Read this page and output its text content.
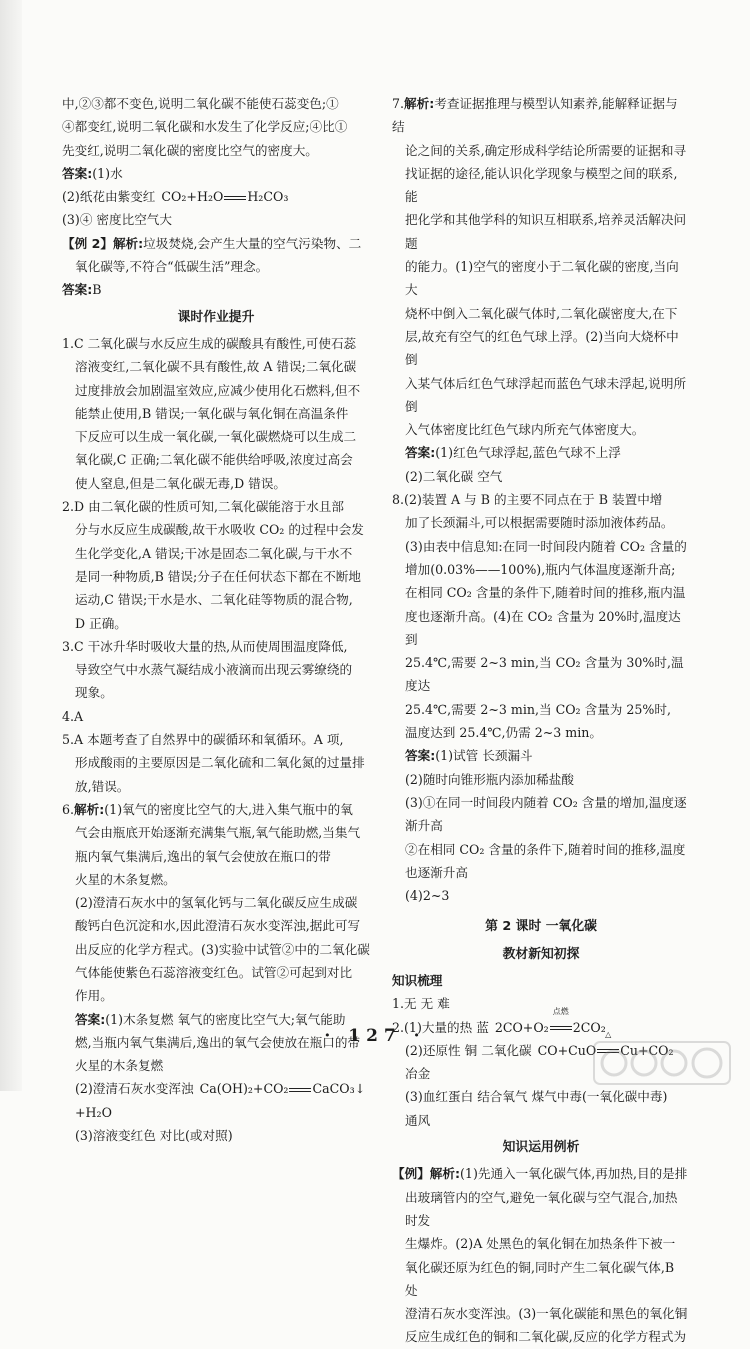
中,②③都不变色,说明二氧化碳不能使石蕊变色;①

④都变红,说明二氧化碳和水发生了化学反应;④比①

先变红,说明二氧化碳的密度比空气的密度大。

答案:(1)水

(2)纸花由紫变红 CO₂+H₂O H₂CO₃

(3)④ 密度比空气大

【例 2】解析:垃圾焚烧,会产生大量的空气污染物、二

氧化碳等,不符合“低碳生活”理念。

答案:B

课时作业提升

1.C 二氧化碳与水反应生成的碳酸具有酸性,可使石蕊

溶液变红,二氧化碳不具有酸性,故 A 错误;二氧化碳

过度排放会加剧温室效应,应减少使用化石燃料,但不

能禁止使用,B 错误;一氧化碳与氧化铜在高温条件

下反应可以生成一氧化碳,一氧化碳燃烧可以生成二

氧化碳,C 正确;二氧化碳不能供给呼吸,浓度过高会

使人窒息,但是二氧化碳无毒,D 错误。

2.D 由二氧化碳的性质可知,二氧化碳能溶于水且部

分与水反应生成碳酸,故干水吸收 CO₂ 的过程中会发

生化学变化,A 错误;干冰是固态二氧化碳,与干水不

是同一种物质,B 错误;分子在任何状态下都在不断地

运动,C 错误;干水是水、二氧化硅等物质的混合物,

D 正确。

3.C 干冰升华时吸收大量的热,从而使周围温度降低,

导致空气中水蒸气凝结成小液滴而出现云雾缭绕的

现象。

4.A

5.A 本题考查了自然界中的碳循环和氧循环。A 项,

形成酸雨的主要原因是二氧化硫和二氧化氮的过量排

放,错误。

6.解析:(1)氧气的密度比空气的大,进入集气瓶中的氧

气会由瓶底开始逐渐充满集气瓶,氧气能助燃,当集气

瓶内氧气集满后,逸出的氧气会使放在瓶口的带

火星的木条复燃。

(2)澄清石灰水中的氢氧化钙与二氧化碳反应生成碳

酸钙白色沉淀和水,因此澄清石灰水变浑浊,据此可写

出反应的化学方程式。(3)实验中试管②中的二氧化碳

气体能使紫色石蕊溶液变红色。试管②可起到对比

作用。

答案:(1)木条复燃 氧气的密度比空气大;氧气能助

燃,当瓶内氧气集满后,逸出的氧气会使放在瓶口的带

火星的木条复燃

(2)澄清石灰水变浑浊 Ca(OH)₂+CO₂ CaCO₃↓

+H₂O

(3)溶液变红色 对比(或对照)

7.解析:考查证据推理与模型认知素养,能解释证据与结

论之间的关系,确定形成科学结论所需要的证据和寻

找证据的途径,能认识化学现象与模型之间的联系,能

把化学和其他学科的知识互相联系,培养灵活解决问题

的能力。(1)空气的密度小于二氧化碳的密度,当向大

烧杯中倒入二氧化碳气体时,二氧化碳密度大,在下

层,故充有空气的红色气球上浮。(2)当向大烧杯中倒

入某气体后红色气球浮起而蓝色气球未浮起,说明所倒

入气体密度比红色气球内所充气体密度大。

答案:(1)红色气球浮起,蓝色气球不上浮

(2)二氧化碳 空气

8.(2)装置 A 与 B 的主要不同点在于 B 装置中增

加了长颈漏斗,可以根据需要随时添加液体药品。

(3)由表中信息知:在同一时间段内随着 CO₂ 含量的

增加(0.03%——100%),瓶内气体温度逐渐升高;

在相同 CO₂ 含量的条件下,随着时间的推移,瓶内温

度也逐渐升高。(4)在 CO₂ 含量为 20%时,温度达到

25.4℃,需要 2~3 min,当 CO₂ 含量为 30%时,温度达

25.4℃,需要 2~3 min,当 CO₂ 含量为 25%时,

温度达到 25.4℃,仍需 2~3 min。

答案:(1)试管 长颈漏斗

(2)随时向锥形瓶内添加稀盐酸

(3)①在同一时间段内随着 CO₂ 含量的增加,温度逐

渐升高

②在相同 CO₂ 含量的条件下,随着时间的推移,温度

也逐渐升高

(4)2~3

第 2 课时 一氧化碳
教材新知初探

知识梳理

1.无 无 难

2.(1)大量的热 蓝 2CO+O₂
点燃
2CO₂

(2)还原性 铜 二氧化碳 CO+CuO
△
Cu+CO₂

冶金

(3)血红蛋白 结合氧气 煤气中毒(一氧化碳中毒)

通风

知识运用例析

【例】解析:(1)先通入一氧化碳气体,再加热,目的是排

出玻璃管内的空气,避免一氧化碳与空气混合,加热时发

生爆炸。(2)A 处黑色的氧化铜在加热条件下被一

氧化碳还原为红色的铜,同时产生二氧化碳气体,B 处

澄清石灰水变浑浊。(3)一氧化碳能和黑色的氧化铜

反应生成红色的铜和二氧化碳,反应的化学方程式为

· 127 ·
